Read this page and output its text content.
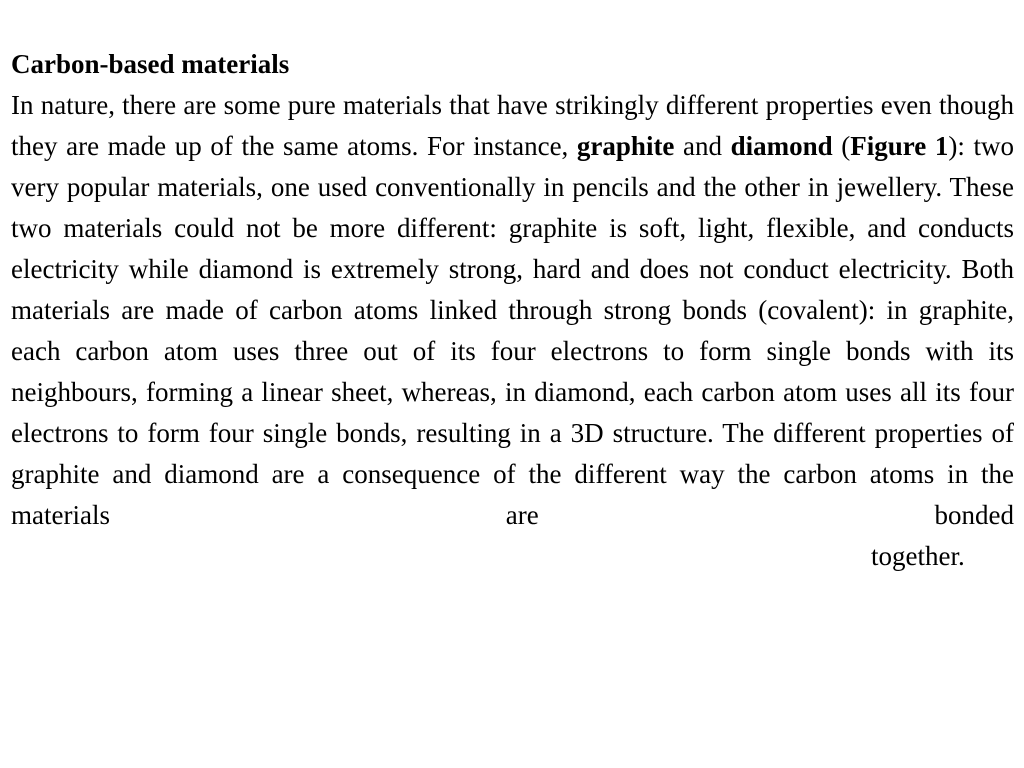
Carbon-based materials

In nature, there are some pure materials that have strikingly different properties even though they are made up of the same atoms. For instance, graphite and diamond (Figure 1): two very popular materials, one used conventionally in pencils and the other in jewellery. These two materials could not be more different: graphite is soft, light, flexible, and conducts electricity while diamond is extremely strong, hard and does not conduct electricity. Both materials are made of carbon atoms linked through strong bonds (covalent): in graphite, each carbon atom uses three out of its four electrons to form single bonds with its neighbours, forming a linear sheet, whereas, in diamond, each carbon atom uses all its four electrons to form four single bonds, resulting in a 3D structure. The different properties of graphite and diamond are a consequence of the different way the carbon atoms in the materials are bonded

together.
